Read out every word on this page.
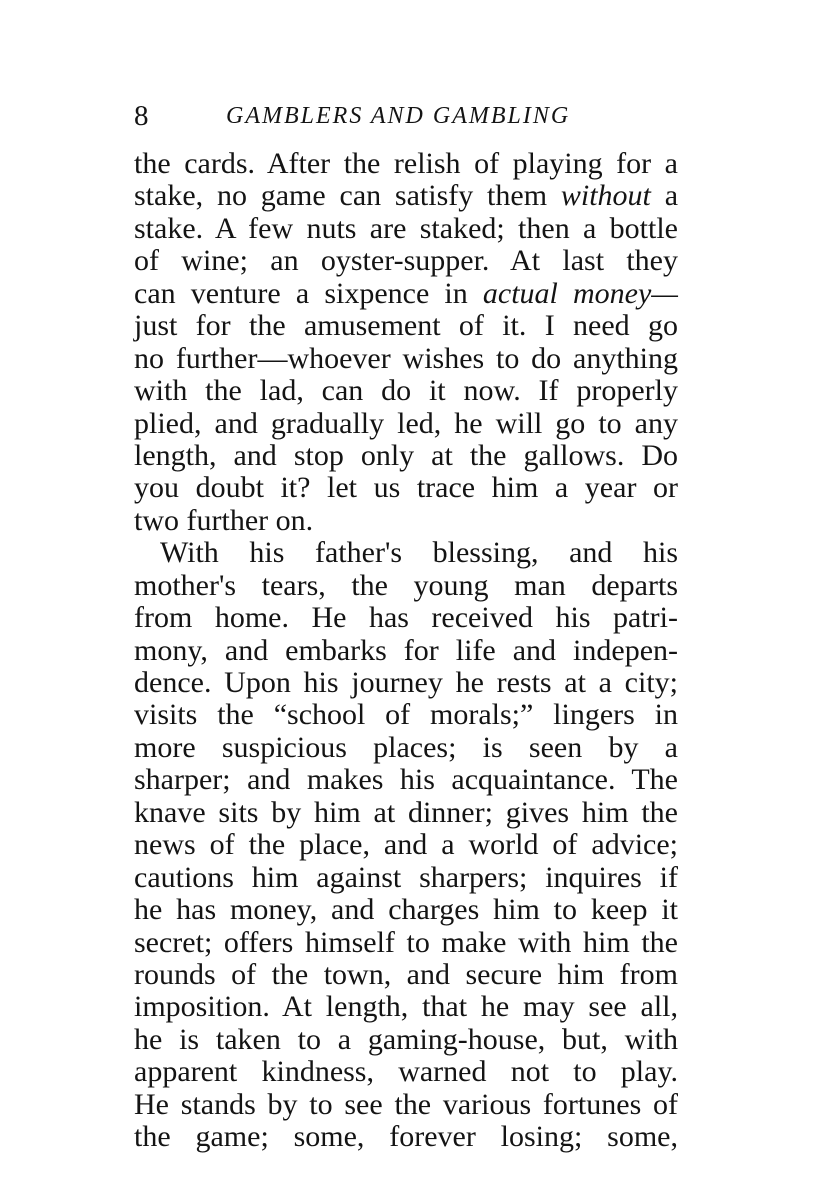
8	GAMBLERS AND GAMBLING
the cards. After the relish of playing for a
stake, no game can satisfy them without a
stake. A few nuts are staked; then a bottle
of wine; an oyster-supper. At last they
can venture a sixpence in actual money—
just for the amusement of it. I need go
no further—whoever wishes to do anything
with the lad, can do it now. If properly
plied, and gradually led, he will go to any
length, and stop only at the gallows. Do
you doubt it? let us trace him a year or
two further on.
With his father's blessing, and his
mother's tears, the young man departs
from home. He has received his patri-
mony, and embarks for life and indepen-
dence. Upon his journey he rests at a city;
visits the “school of morals;” lingers in
more suspicious places; is seen by a
sharper; and makes his acquaintance. The
knave sits by him at dinner; gives him the
news of the place, and a world of advice;
cautions him against sharpers; inquires if
he has money, and charges him to keep it
secret; offers himself to make with him the
rounds of the town, and secure him from
imposition. At length, that he may see all,
he is taken to a gaming-house, but, with
apparent kindness, warned not to play.
He stands by to see the various fortunes of
the game; some, forever losing; some,
